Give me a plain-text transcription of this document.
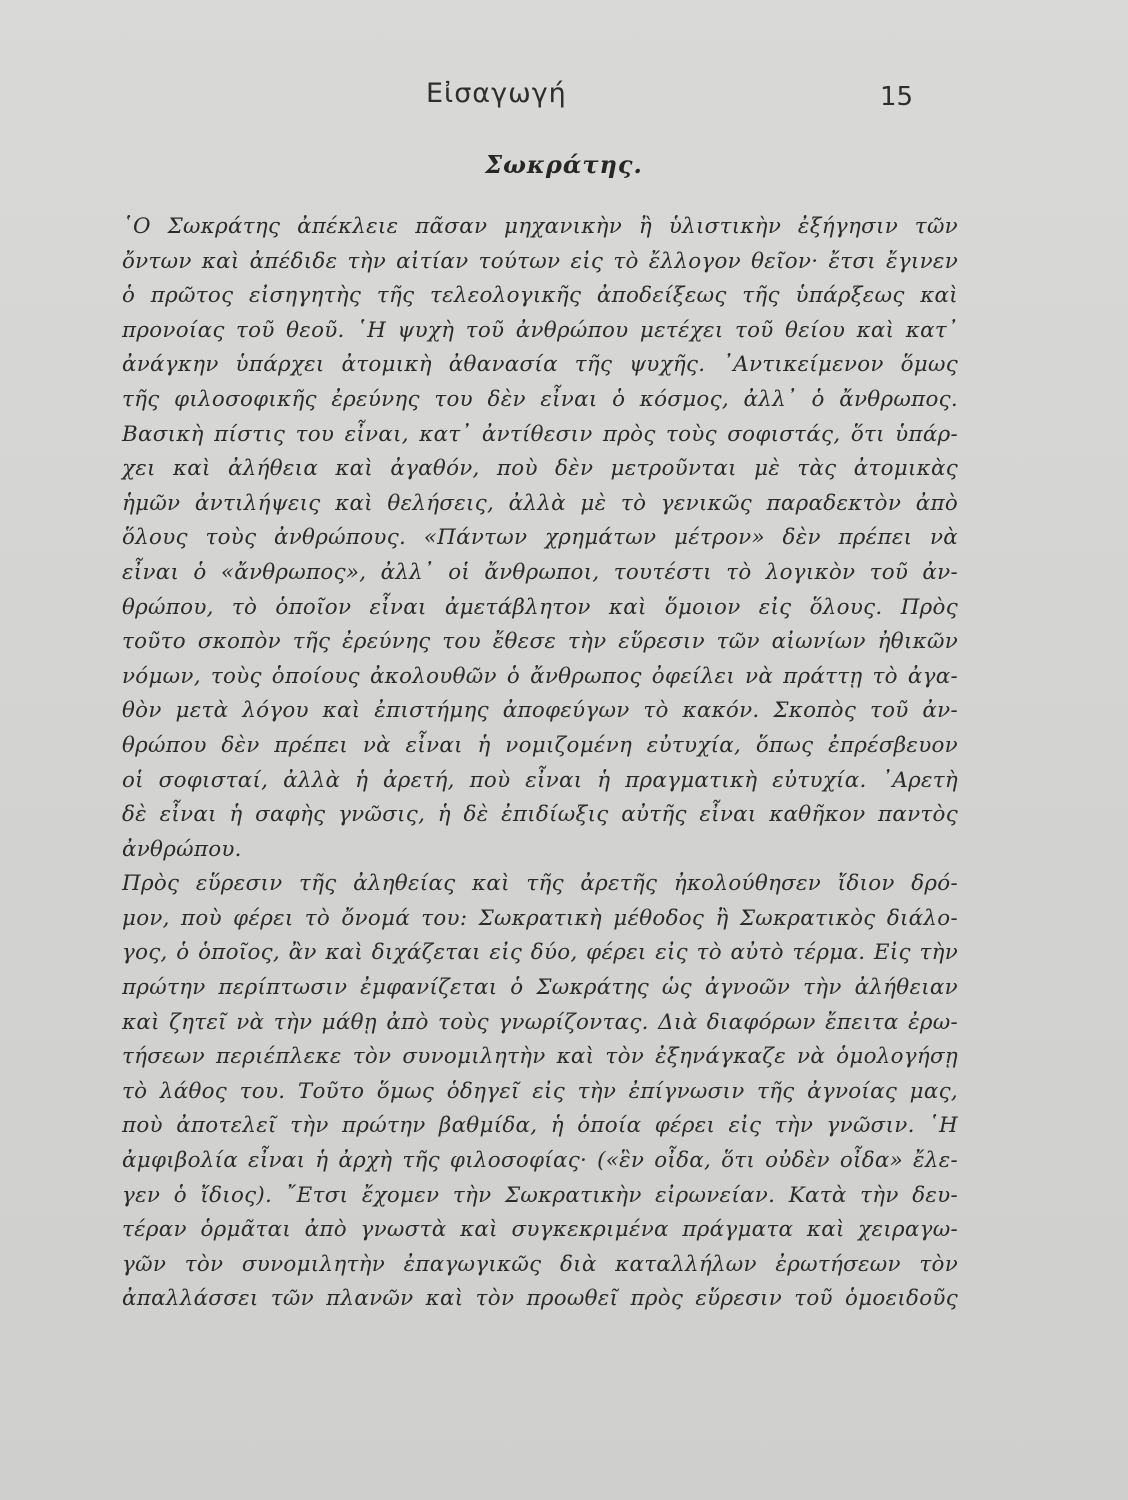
Εἰσαγωγή	15
Σωκράτης.
῾Ο Σωκράτης ἀπέκλειε πᾶσαν μηχανικὴν ἢ ὑλιστικὴν ἐξήγησιν τῶν
ὄντων καὶ ἀπέδιδε τὴν αἰτίαν τούτων εἰς τὸ ἔλλογον θεῖον· ἔτσι ἔγινεν
ὁ πρῶτος εἰσηγητὴς τῆς τελεολογικῆς ἀποδείξεως τῆς ὑπάρξεως καὶ
προνοίας τοῦ θεοῦ. ῾Η ψυχὴ τοῦ ἀνθρώπου μετέχει τοῦ θείου καὶ κατ᾽
ἀνάγκην ὑπάρχει ἀτομικὴ ἀθανασία τῆς ψυχῆς. ᾽Αντικείμενον ὅμως
τῆς φιλοσοφικῆς ἐρεύνης του δὲν εἶναι ὁ κόσμος, ἀλλ᾽ ὁ ἄνθρωπος.
Βασικὴ πίστις του εἶναι, κατ᾽ ἀντίθεσιν πρὸς τοὺς σοφιστάς, ὅτι ὑπάρ-
χει καὶ ἀλήθεια καὶ ἀγαθόν, ποὺ δὲν μετροῦνται μὲ τὰς ἀτομικὰς
ἡμῶν ἀντιλήψεις καὶ θελήσεις, ἀλλὰ μὲ τὸ γενικῶς παραδεκτὸν ἀπὸ
ὅλους τοὺς ἀνθρώπους. «Πάντων χρημάτων μέτρον» δὲν πρέπει νὰ
εἶναι ὁ «ἄνθρωπος», ἀλλ᾽ οἱ ἄνθρωποι, τουτέστι τὸ λογικὸν τοῦ ἀν-
θρώπου, τὸ ὁποῖον εἶναι ἀμετάβλητον καὶ ὅμοιον εἰς ὅλους. Πρὸς
τοῦτο σκοπὸν τῆς ἐρεύνης του ἔθεσε τὴν εὕρεσιν τῶν αἰωνίων ἠθικῶν
νόμων, τοὺς ὁποίους ἀκολουθῶν ὁ ἄνθρωπος ὀφείλει νὰ πράττῃ τὸ ἀγα-
θὸν μετὰ λόγου καὶ ἐπιστήμης ἀποφεύγων τὸ κακόν. Σκοπὸς τοῦ ἀν-
θρώπου δὲν πρέπει νὰ εἶναι ἡ νομιζομένη εὐτυχία, ὅπως ἐπρέσβευον
οἱ σοφισταί, ἀλλὰ ἡ ἀρετή, ποὺ εἶναι ἡ πραγματικὴ εὐτυχία. ᾽Αρετὴ
δὲ εἶναι ἡ σαφὴς γνῶσις, ἡ δὲ ἐπιδίωξις αὐτῆς εἶναι καθῆκον παντὸς
ἀνθρώπου.
Πρὸς εὕρεσιν τῆς ἀληθείας καὶ τῆς ἀρετῆς ἠκολούθησεν ἴδιον δρό-
μον, ποὺ φέρει τὸ ὄνομά του: Σωκρατικὴ μέθοδος ἢ Σωκρατικὸς διάλο-
γος, ὁ ὁποῖος, ἂν καὶ διχάζεται εἰς δύο, φέρει εἰς τὸ αὐτὸ τέρμα. Εἰς τὴν
πρώτην περίπτωσιν ἐμφανίζεται ὁ Σωκράτης ὡς ἀγνοῶν τὴν ἀλήθειαν
καὶ ζητεῖ νὰ τὴν μάθῃ ἀπὸ τοὺς γνωρίζοντας. Διὰ διαφόρων ἔπειτα ἐρω-
τήσεων περιέπλεκε τὸν συνομιλητὴν καὶ τὸν ἐξηνάγκαζε νὰ ὁμολογήσῃ
τὸ λάθος του. Τοῦτο ὅμως ὁδηγεῖ εἰς τὴν ἐπίγνωσιν τῆς ἀγνοίας μας,
ποὺ ἀποτελεῖ τὴν πρώτην βαθμίδα, ἡ ὁποία φέρει εἰς τὴν γνῶσιν. ῾Η
ἀμφιβολία εἶναι ἡ ἀρχὴ τῆς φιλοσοφίας· («ἓν οἶδα, ὅτι οὐδὲν οἶδα» ἔλε-
γεν ὁ ἴδιος). ῎Ετσι ἔχομεν τὴν Σωκρατικὴν εἰρωνείαν. Κατὰ τὴν δευ-
τέραν ὁρμᾶται ἀπὸ γνωστὰ καὶ συγκεκριμένα πράγματα καὶ χειραγω-
γῶν τὸν συνομιλητὴν ἐπαγωγικῶς διὰ καταλλήλων ἐρωτήσεων τὸν
ἀπαλλάσσει τῶν πλανῶν καὶ τὸν προωθεῖ πρὸς εὕρεσιν τοῦ ὁμοειδοῦς
